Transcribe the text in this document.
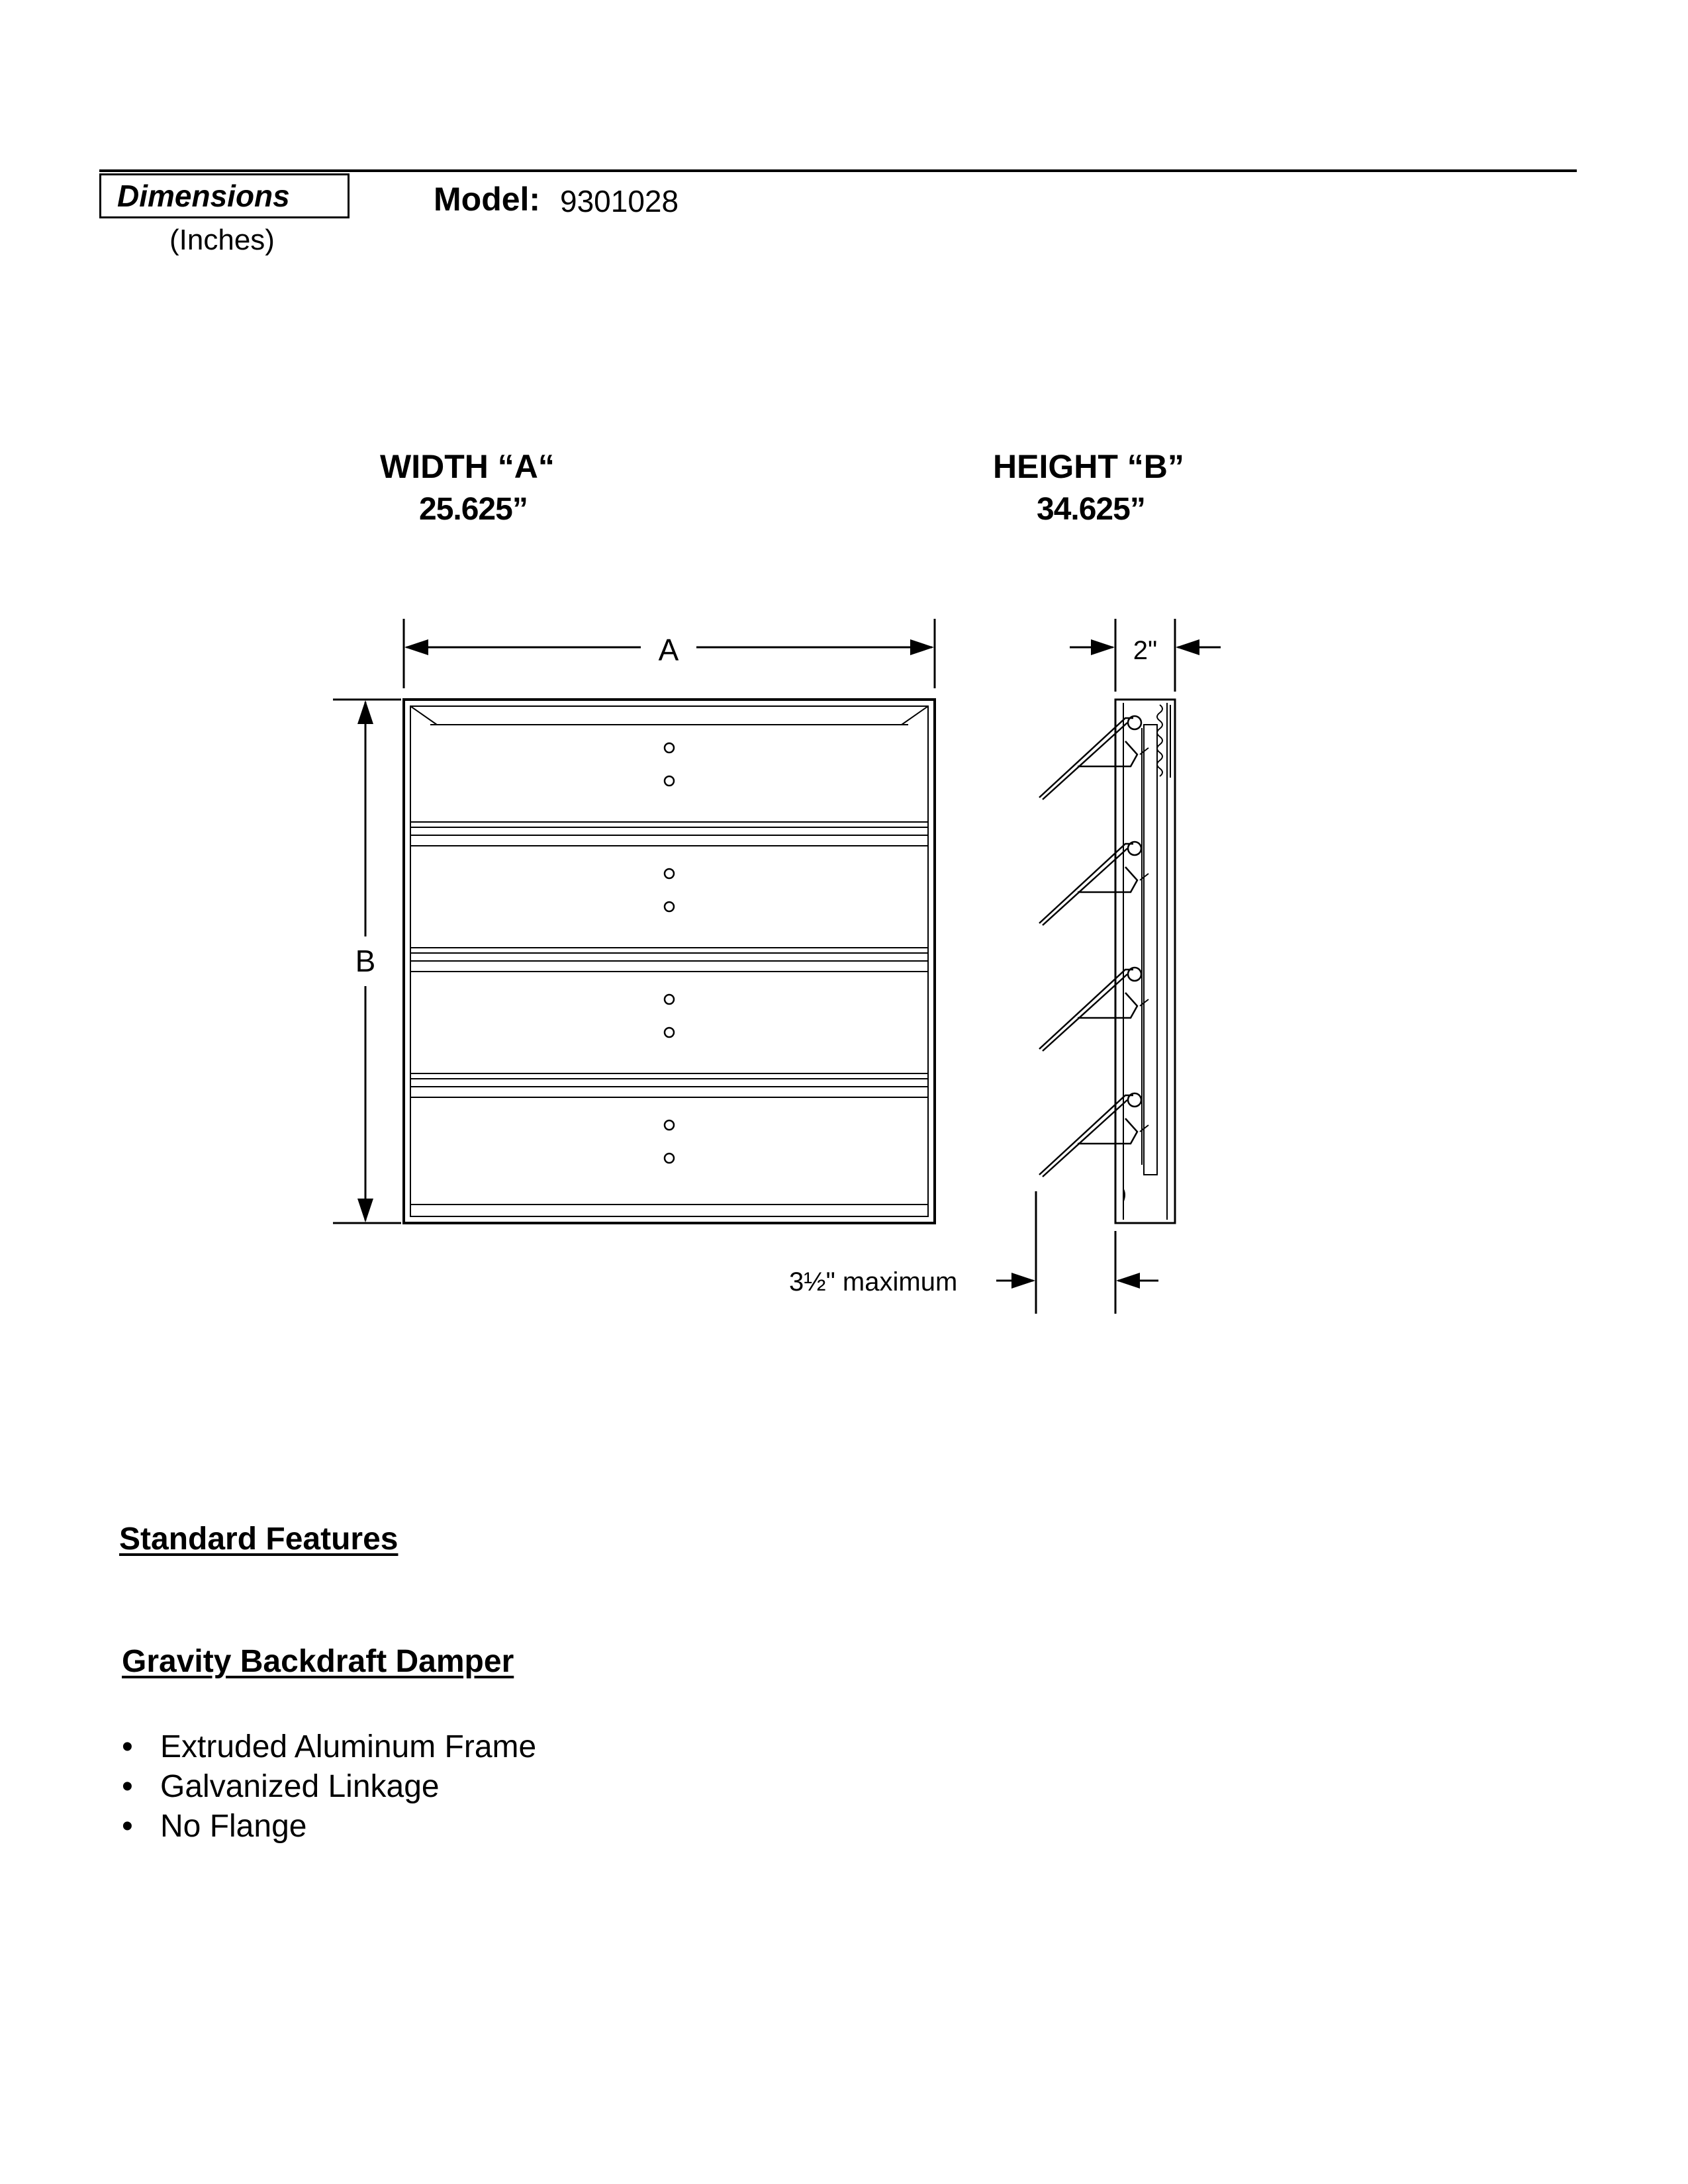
Dimensions
(Inches)
Model: 9301028
WIDTH “A“
25.625”
HEIGHT “B”
34.625”
A
B
2"
3½" maximum
Standard Features
Gravity Backdraft Damper
• Extruded Aluminum Frame
• Galvanized Linkage
• No Flange
